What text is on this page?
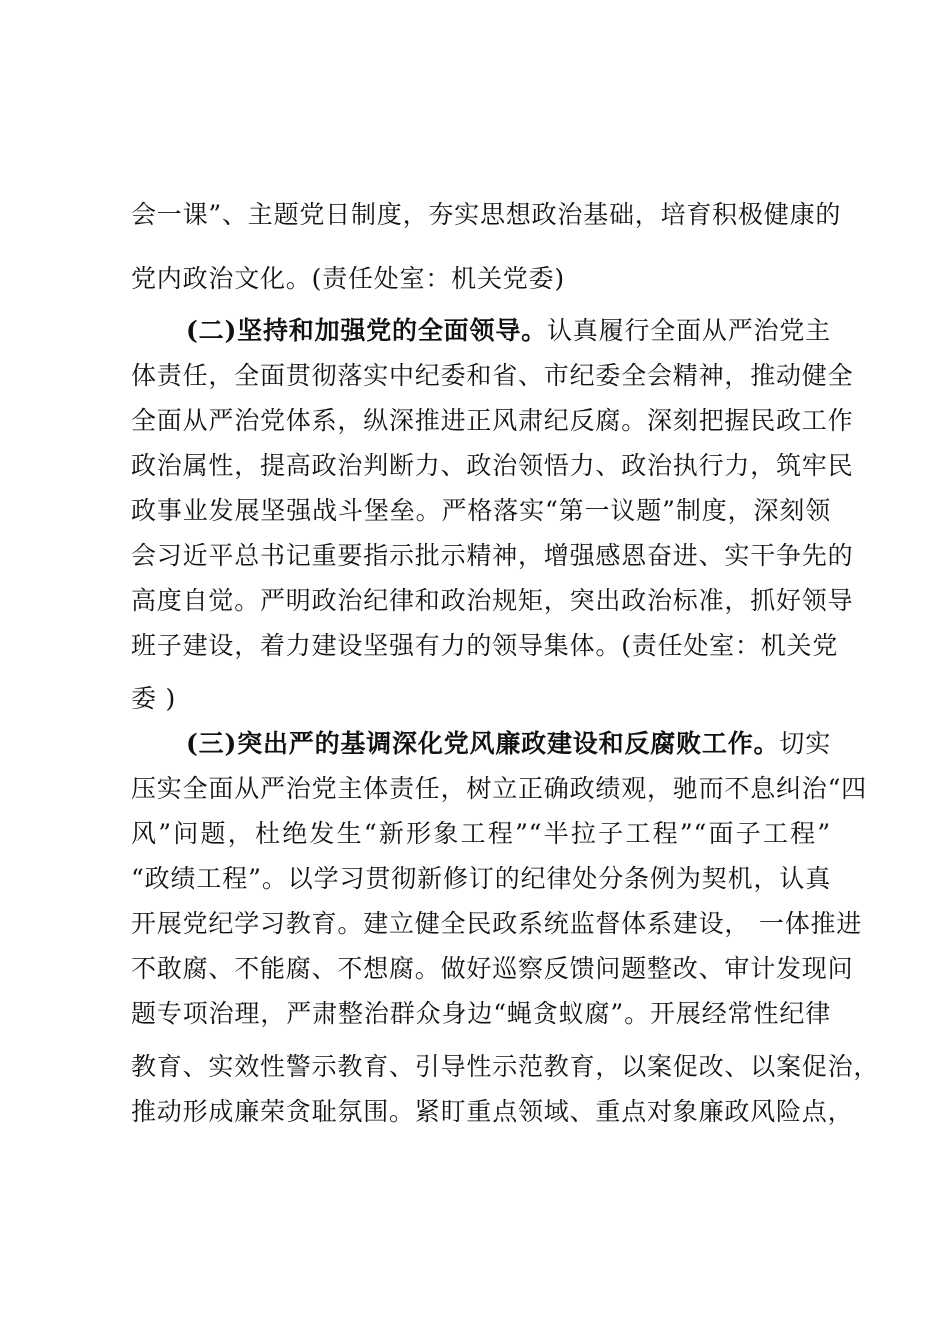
会一课”、主题党日制度，夯实思想政治基础，培育积极健康的
党内政治文化。(责任处室：机关党委)
(二)坚持和加强党的全面领导。认真履行全面从严治党主
体责任，全面贯彻落实中纪委和省、市纪委全会精神，推动健全
全面从严治党体系，纵深推进正风肃纪反腐。深刻把握民政工作
政治属性，提高政治判断力、政治领悟力、政治执行力，筑牢民
政事业发展坚强战斗堡垒。严格落实“第一议题”制度，深刻领
会习近平总书记重要指示批示精神，增强感恩奋进、实干争先的
高度自觉。严明政治纪律和政治规矩，突出政治标准，抓好领导
班子建设，着力建设坚强有力的领导集体。(责任处室：机关党
委 )
(三)突出严的基调深化党风廉政建设和反腐败工作。切实
压实全面从严治党主体责任，树立正确政绩观，驰而不息纠治“四
风”问题，杜绝发生“新形象工程”“半拉子工程”“面子工程”
“政绩工程”。以学习贯彻新修订的纪律处分条例为契机，认真
开展党纪学习教育。建立健全民政系统监督体系建设， 一体推进
不敢腐、不能腐、不想腐。做好巡察反馈问题整改、审计发现问
题专项治理，严肃整治群众身边“蝇贪蚁腐”。开展经常性纪律
教育、实效性警示教育、引导性示范教育，以案促改、以案促治，
推动形成廉荣贪耻氛围。紧盯重点领域、重点对象廉政风险点，
